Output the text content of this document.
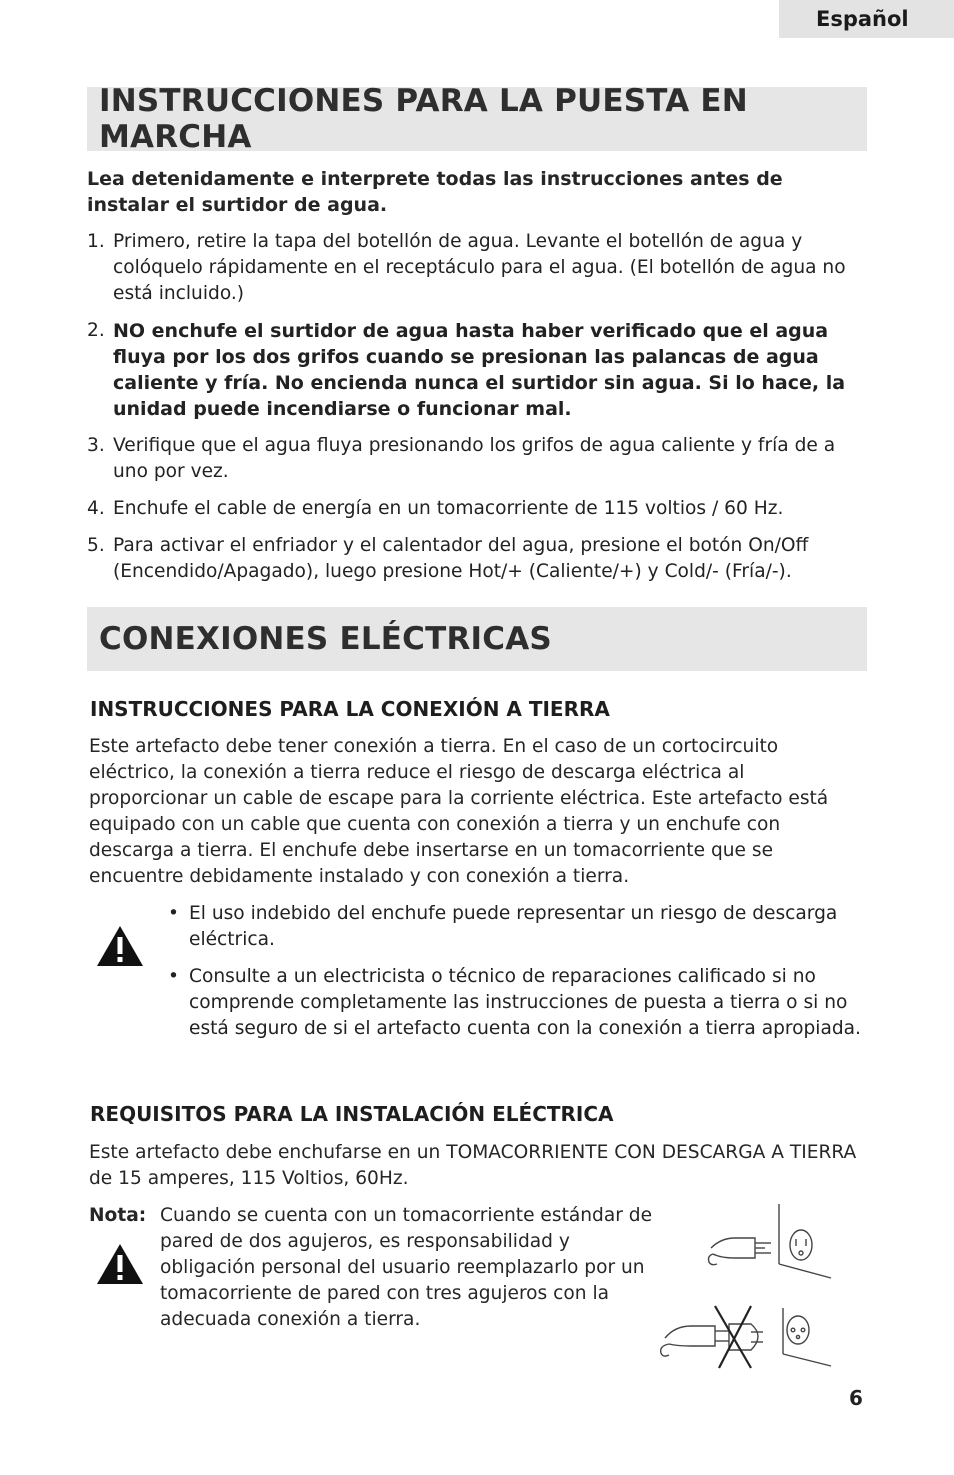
Español
INSTRUCCIONES PARA LA PUESTA EN MARCHA
Lea detenidamente e interprete todas las instrucciones antes de instalar el surtidor de agua.
1. Primero, retire la tapa del botellón de agua. Levante el botellón de agua y colóquelo rápidamente en el receptáculo para el agua. (El botellón de agua no está incluido.)
2. NO enchufe el surtidor de agua hasta haber verificado que el agua fluya por los dos grifos cuando se presionan las palancas de agua caliente y fría. No encienda nunca el surtidor sin agua. Si lo hace, la unidad puede incendiarse o funcionar mal.
3. Verifique que el agua fluya presionando los grifos de agua caliente y fría de a uno por vez.
4. Enchufe el cable de energía en un tomacorriente de 115 voltios / 60 Hz.
5. Para activar el enfriador y el calentador del agua, presione el botón On/Off (Encendido/Apagado), luego presione Hot/+ (Caliente/+) y Cold/- (Fría/-).
CONEXIONES ELÉCTRICAS
INSTRUCCIONES PARA LA CONEXIÓN A TIERRA
Este artefacto debe tener conexión a tierra. En el caso de un cortocircuito eléctrico, la conexión a tierra reduce el riesgo de descarga eléctrica al proporcionar un cable de escape para la corriente eléctrica. Este artefacto está equipado con un cable que cuenta con conexión a tierra y un enchufe con descarga a tierra. El enchufe debe insertarse en un tomacorriente que se encuentre debidamente instalado y con conexión a tierra.
• El uso indebido del enchufe puede representar un riesgo de descarga eléctrica.
• Consulte a un electricista o técnico de reparaciones calificado si no comprende completamente las instrucciones de puesta a tierra o si no está seguro de si el artefacto cuenta con la conexión a tierra apropiada.
REQUISITOS PARA LA INSTALACIÓN ELÉCTRICA
Este artefacto debe enchufarse en un TOMACORRIENTE CON DESCARGA A TIERRA de 15 amperes, 115 Voltios, 60Hz.
Nota: Cuando se cuenta con un tomacorriente estándar de pared de dos agujeros, es responsabilidad y obligación personal del usuario reemplazarlo por un tomacorriente de pared con tres agujeros con la adecuada conexión a tierra.
6
